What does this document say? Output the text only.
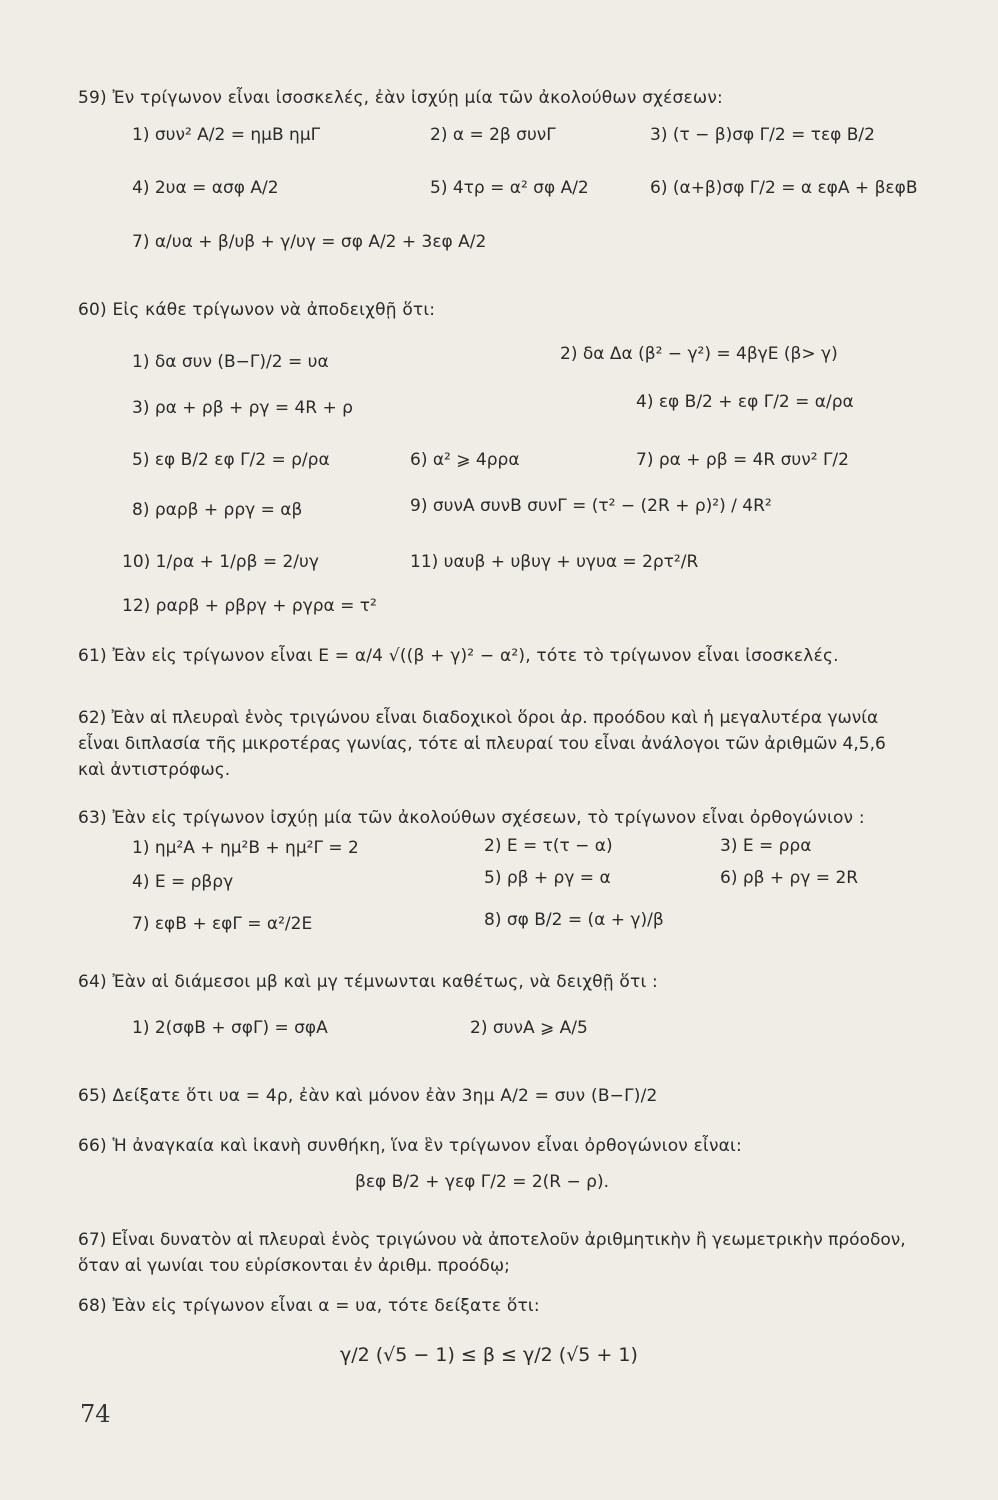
59) Ἐν τρίγωνον εἶναι ἰσοσκελές, ἐὰν ἰσχύῃ μία τῶν ἀκολούθων σχέσεων:
1) συν² A/2 = ημB ημΓ	2) α = 2β συνΓ	3) (τ − β)σφ Γ/2 = τεφ B/2
4) 2υα = ασφ A/2	5) 4τρ = α² σφ A/2	6) (α+β)σφ Γ/2 = α εφA + βεφB
7) α/υα + β/υβ + γ/υγ = σφ A/2 + 3εφ A/2
60) Εἰς κάθε τρίγωνον νὰ ἀποδειχθῇ ὅτι:
1) δα συν (B−Γ)/2 = υα	2) δα Δα (β² − γ²) = 4βγE (β> γ)
3) ρα + ρβ + ργ = 4R + ρ	4) εφ B/2 + εφ Γ/2 = α/ρα
5) εφ B/2 εφ Γ/2 = ρ/ρα	6) α² ⩾ 4ρρα	7) ρα + ρβ = 4R συν² Γ/2
8) ραρβ + ρργ = αβ	9) συνA συνB συνΓ = (τ² − (2R + ρ)²) / 4R²
10) 1/ρα + 1/ρβ = 2/υγ	11) υαυβ + υβυγ + υγυα = 2ρτ²/R
12) ραρβ + ρβργ + ργρα = τ²
61) Ἐὰν εἰς τρίγωνον εἶναι E = α/4 √((β + γ)² − α²), τότε τὸ τρίγωνον εἶναι ἰσοσκελές.
62) Ἐὰν αἱ πλευραὶ ἑνὸς τριγώνου εἶναι διαδοχικοὶ ὅροι ἀρ. προόδου καὶ ἡ μεγαλυτέρα γωνία
εἶναι διπλασία τῆς μικροτέρας γωνίας, τότε αἱ πλευραί του εἶναι ἀνάλογοι τῶν ἀριθμῶν 4,5,6
καὶ ἀντιστρόφως.
63) Ἐὰν εἰς τρίγωνον ἰσχύῃ μία τῶν ἀκολούθων σχέσεων, τὸ τρίγωνον εἶναι ὀρθογώνιον :
1) ημ²A + ημ²B + ημ²Γ = 2	2) E = τ(τ − α)	3) E = ρρα
4) E = ρβργ	5) ρβ + ργ = α	6) ρβ + ργ = 2R
7) εφB + εφΓ = α²/2E	8) σφ B/2 = (α + γ)/β
64) Ἐὰν αἱ διάμεσοι μβ καὶ μγ τέμνωνται καθέτως, νὰ δειχθῇ ὅτι :
1) 2(σφB + σφΓ) = σφA	2) συνA ⩾ A/5
65) Δείξατε ὅτι υα = 4ρ, ἐὰν καὶ μόνον ἐὰν 3ημ A/2 = συν (B−Γ)/2
66) Ἡ ἀναγκαία καὶ ἱκανὴ συνθήκη, ἵνα ἓν τρίγωνον εἶναι ὀρθογώνιον εἶναι:
βεφ B/2 + γεφ Γ/2 = 2(R − ρ).
67) Εἶναι δυνατὸν αἱ πλευραὶ ἑνὸς τριγώνου νὰ ἀποτελοῦν ἀριθμητικὴν ἢ γεωμετρικὴν πρόοδον,
ὅταν αἱ γωνίαι του εὑρίσκονται ἐν ἀριθμ. προόδῳ;
68) Ἐὰν εἰς τρίγωνον εἶναι α = υα, τότε δείξατε ὅτι:
γ/2 (√5 − 1) ≤ β ≤ γ/2 (√5 + 1)
74
